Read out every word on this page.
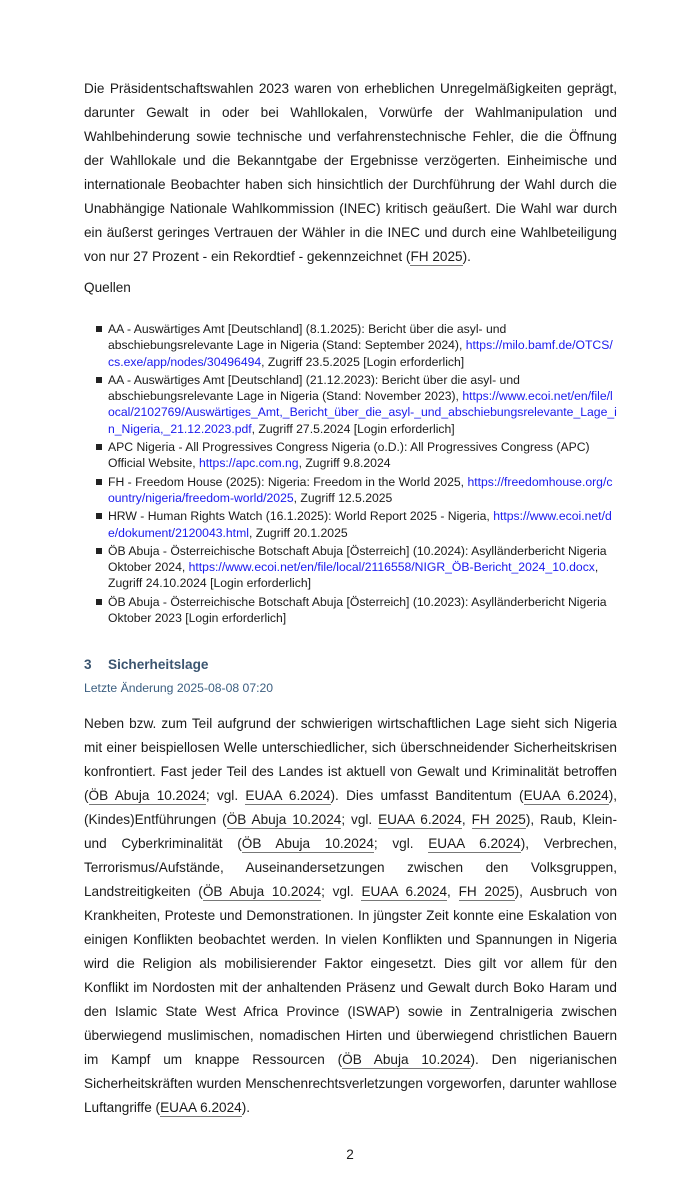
Die Präsidentschaftswahlen 2023 waren von erheblichen Unregelmäßigkeiten geprägt, darunter Gewalt in oder bei Wahllokalen, Vorwürfe der Wahlmanipulation und Wahlbehinderung sowie technische und verfahrenstechnische Fehler, die die Öffnung der Wahllokale und die Bekanntgabe der Ergebnisse verzögerten. Einheimische und internationale Beobachter haben sich hinsichtlich der Durchführung der Wahl durch die Unabhängige Nationale Wahlkommission (INEC) kritisch geäußert. Die Wahl war durch ein äußerst geringes Vertrauen der Wähler in die INEC und durch eine Wahlbeteiligung von nur 27 Prozent - ein Rekordtief - gekennzeichnet (FH 2025).

Quellen
AA - Auswärtiges Amt [Deutschland] (8.1.2025): Bericht über die asyl- und abschiebungsrelevante Lage in Nigeria (Stand: September 2024), https://milo.bamf.de/OTCS/cs.exe/app/nodes/30496494, Zugriff 23.5.2025 [Login erforderlich]
AA - Auswärtiges Amt [Deutschland] (21.12.2023): Bericht über die asyl- und abschiebungsrelevante Lage in Nigeria (Stand: November 2023), https://www.ecoi.net/en/file/local/2102769/Auswärtiges_Amt,_Bericht_über_die_asyl-_und_abschiebungsrelevante_Lage_in_Nigeria,_21.12.2023.pdf, Zugriff 27.5.2024 [Login erforderlich]
APC Nigeria - All Progressives Congress Nigeria (o.D.): All Progressives Congress (APC) Official Website, https://apc.com.ng, Zugriff 9.8.2024
FH - Freedom House (2025): Nigeria: Freedom in the World 2025, https://freedomhouse.org/country/nigeria/freedom-world/2025, Zugriff 12.5.2025
HRW - Human Rights Watch (16.1.2025): World Report 2025 - Nigeria, https://www.ecoi.net/de/dokument/2120043.html, Zugriff 20.1.2025
ÖB Abuja - Österreichische Botschaft Abuja [Österreich] (10.2024): Asylländerbericht Nigeria Oktober 2024, https://www.ecoi.net/en/file/local/2116558/NIGR_ÖB-Bericht_2024_10.docx, Zugriff 24.10.2024 [Login erforderlich]
ÖB Abuja - Österreichische Botschaft Abuja [Österreich] (10.2023): Asylländerbericht Nigeria Oktober 2023 [Login erforderlich]
3 Sicherheitslage
Letzte Änderung 2025-08-08 07:20

Neben bzw. zum Teil aufgrund der schwierigen wirtschaftlichen Lage sieht sich Nigeria mit einer beispiellosen Welle unterschiedlicher, sich überschneidender Sicherheitskrisen konfrontiert. Fast jeder Teil des Landes ist aktuell von Gewalt und Kriminalität betroffen (ÖB Abuja 10.2024; vgl. EUAA 6.2024). Dies umfasst Banditentum (EUAA 6.2024), (Kindes)Entführungen (ÖB Abuja 10.2024; vgl. EUAA 6.2024, FH 2025), Raub, Klein- und Cyberkriminalität (ÖB Abuja 10.2024; vgl. EUAA 6.2024), Verbrechen, Terrorismus/Aufstände, Auseinandersetzungen zwischen den Volksgruppen, Landstreitigkeiten (ÖB Abuja 10.2024; vgl. EUAA 6.2024, FH 2025), Ausbruch von Krankheiten, Proteste und Demonstrationen. In jüngster Zeit konnte eine Eskalation von einigen Konflikten beobachtet werden. In vielen Konflikten und Spannungen in Nigeria wird die Religion als mobilisierender Faktor eingesetzt. Dies gilt vor allem für den Konflikt im Nordosten mit der anhaltenden Präsenz und Gewalt durch Boko Haram und den Islamic State West Africa Province (ISWAP) sowie in Zentralnigeria zwischen überwiegend muslimischen, nomadischen Hirten und überwiegend christlichen Bauern im Kampf um knappe Ressourcen (ÖB Abuja 10.2024). Den nigerianischen Sicherheitskräften wurden Menschenrechtsverletzungen vorgeworfen, darunter wahllose Luftangriffe (EUAA 6.2024).

2
